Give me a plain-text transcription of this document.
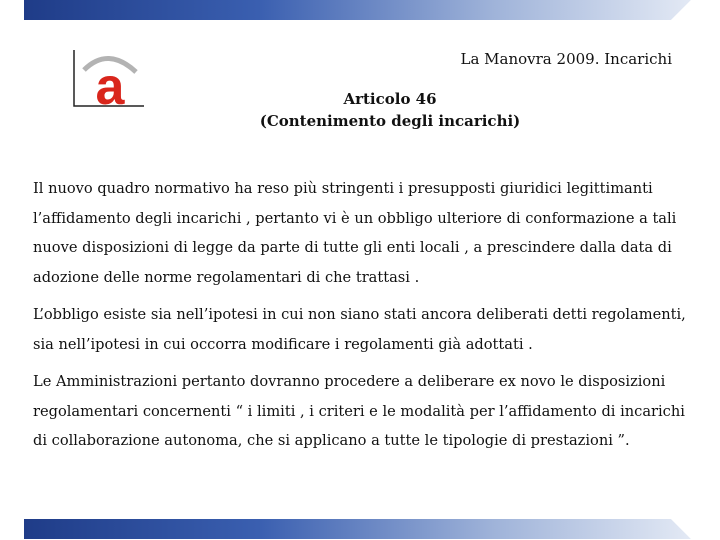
a	La Manovra 2009. Incarichi
Articolo 46
(Contenimento degli incarichi)

Il nuovo quadro normativo ha reso più stringenti i presupposti giuridici legittimanti l’affidamento degli incarichi , pertanto vi è un obbligo ulteriore di conformazione a tali nuove disposizioni di legge da parte di tutte gli enti locali , a prescindere dalla data di adozione delle norme regolamentari di che trattasi .

L’obbligo esiste sia nell’ipotesi in cui non siano stati ancora deliberati detti regolamenti, sia nell’ipotesi in cui occorra modificare i regolamenti già adottati .

Le Amministrazioni pertanto dovranno procedere a deliberare ex novo le disposizioni regolamentari concernenti “ i limiti , i criteri e le modalità per l’affidamento di incarichi di collaborazione autonoma, che si applicano a tutte le tipologie di prestazioni ”.
